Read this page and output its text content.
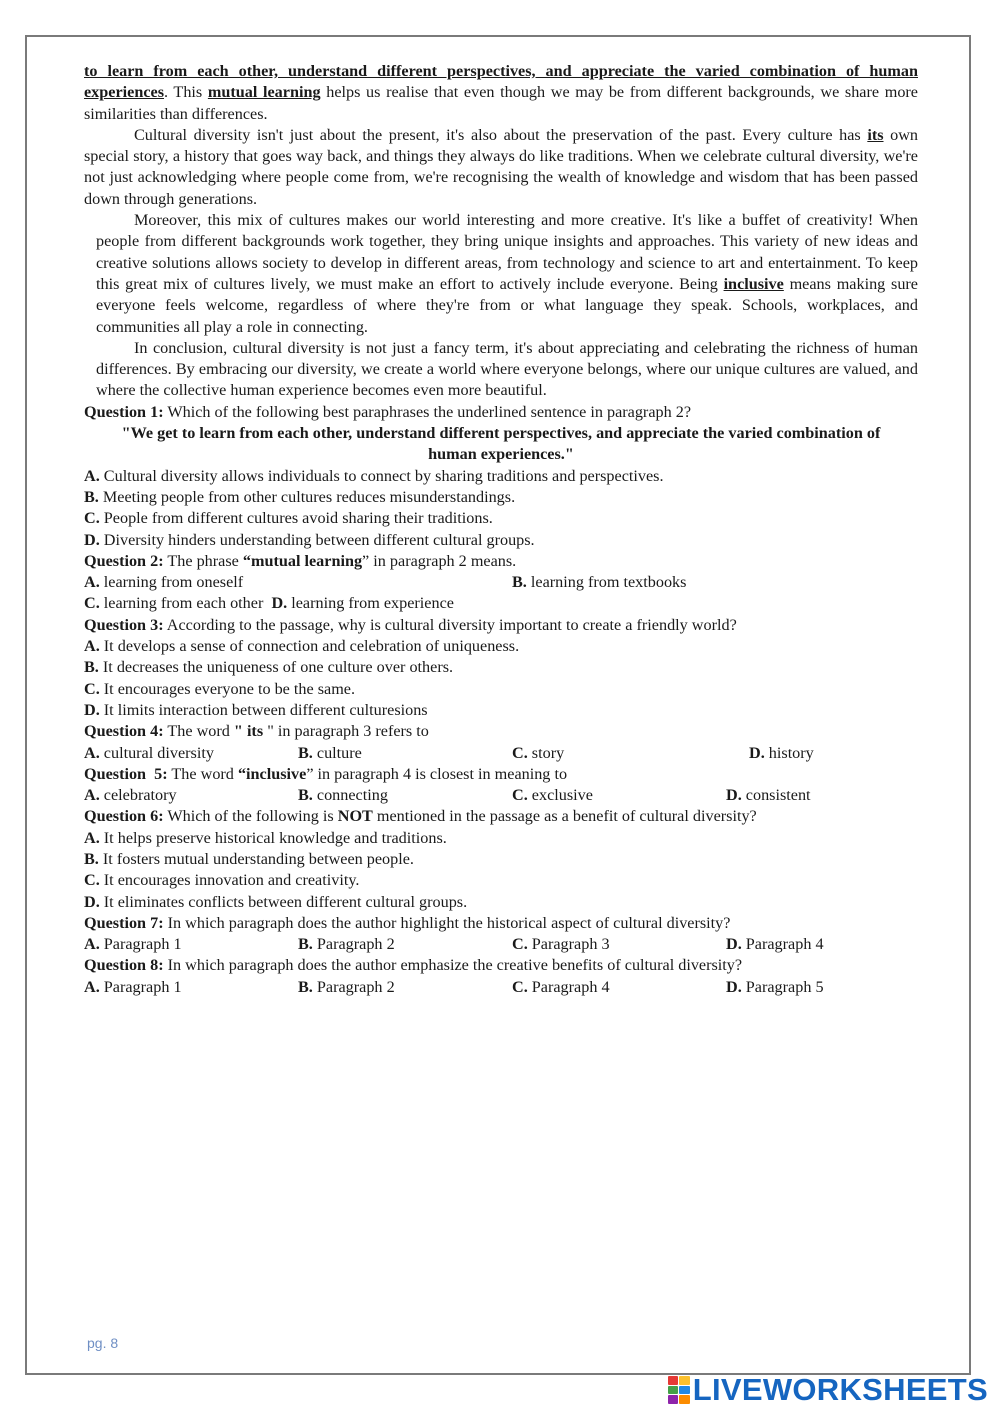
to learn from each other, understand different perspectives, and appreciate the varied combination of human experiences. This mutual learning helps us realise that even though we may be from different backgrounds, we share more similarities than differences.

Cultural diversity isn't just about the present, it's also about the preservation of the past. Every culture has its own special story, a history that goes way back, and things they always do like traditions. When we celebrate cultural diversity, we're not just acknowledging where people come from, we're recognising the wealth of knowledge and wisdom that has been passed down through generations.

Moreover, this mix of cultures makes our world interesting and more creative. It's like a buffet of creativity! When people from different backgrounds work together, they bring unique insights and approaches. This variety of new ideas and creative solutions allows society to develop in different areas, from technology and science to art and entertainment. To keep this great mix of cultures lively, we must make an effort to actively include everyone. Being inclusive means making sure everyone feels welcome, regardless of where they're from or what language they speak. Schools, workplaces, and communities all play a role in connecting.

In conclusion, cultural diversity is not just a fancy term, it's about appreciating and celebrating the richness of human differences. By embracing our diversity, we create a world where everyone belongs, where our unique cultures are valued, and where the collective human experience becomes even more beautiful.

Question 1: Which of the following best paraphrases the underlined sentence in paragraph 2?

"We get to learn from each other, understand different perspectives, and appreciate the varied combination of human experiences."

A. Cultural diversity allows individuals to connect by sharing traditions and perspectives.

B. Meeting people from other cultures reduces misunderstandings.

C. People from different cultures avoid sharing their traditions.

D. Diversity hinders understanding between different cultural groups.

Question 2: The phrase “mutual learning” in paragraph 2 means.

A. learning from oneself	B. learning from textbooks
C. learning from each other D. learning from experience

Question 3: According to the passage, why is cultural diversity important to create a friendly world?

A. It develops a sense of connection and celebration of uniqueness.

B. It decreases the uniqueness of one culture over others.

C. It encourages everyone to be the same.

D. It limits interaction between different culturesions

Question 4: The word " its " in paragraph 3 refers to

A. cultural diversity	B. culture	C. story	D. history

Question  5: The word “inclusive” in paragraph 4 is closest in meaning to

A. celebratory	B. connecting	C. exclusive	D. consistent

Question 6: Which of the following is NOT mentioned in the passage as a benefit of cultural diversity?

A. It helps preserve historical knowledge and traditions.

B. It fosters mutual understanding between people.

C. It encourages innovation and creativity.

D. It eliminates conflicts between different cultural groups.

Question 7: In which paragraph does the author highlight the historical aspect of cultural diversity?

A. Paragraph 1	B. Paragraph 2	C. Paragraph 3	D. Paragraph 4

Question 8: In which paragraph does the author emphasize the creative benefits of cultural diversity?

A. Paragraph 1	B. Paragraph 2	C. Paragraph 4	D. Paragraph 5
pg. 8
LIVEWORKSHEETS
